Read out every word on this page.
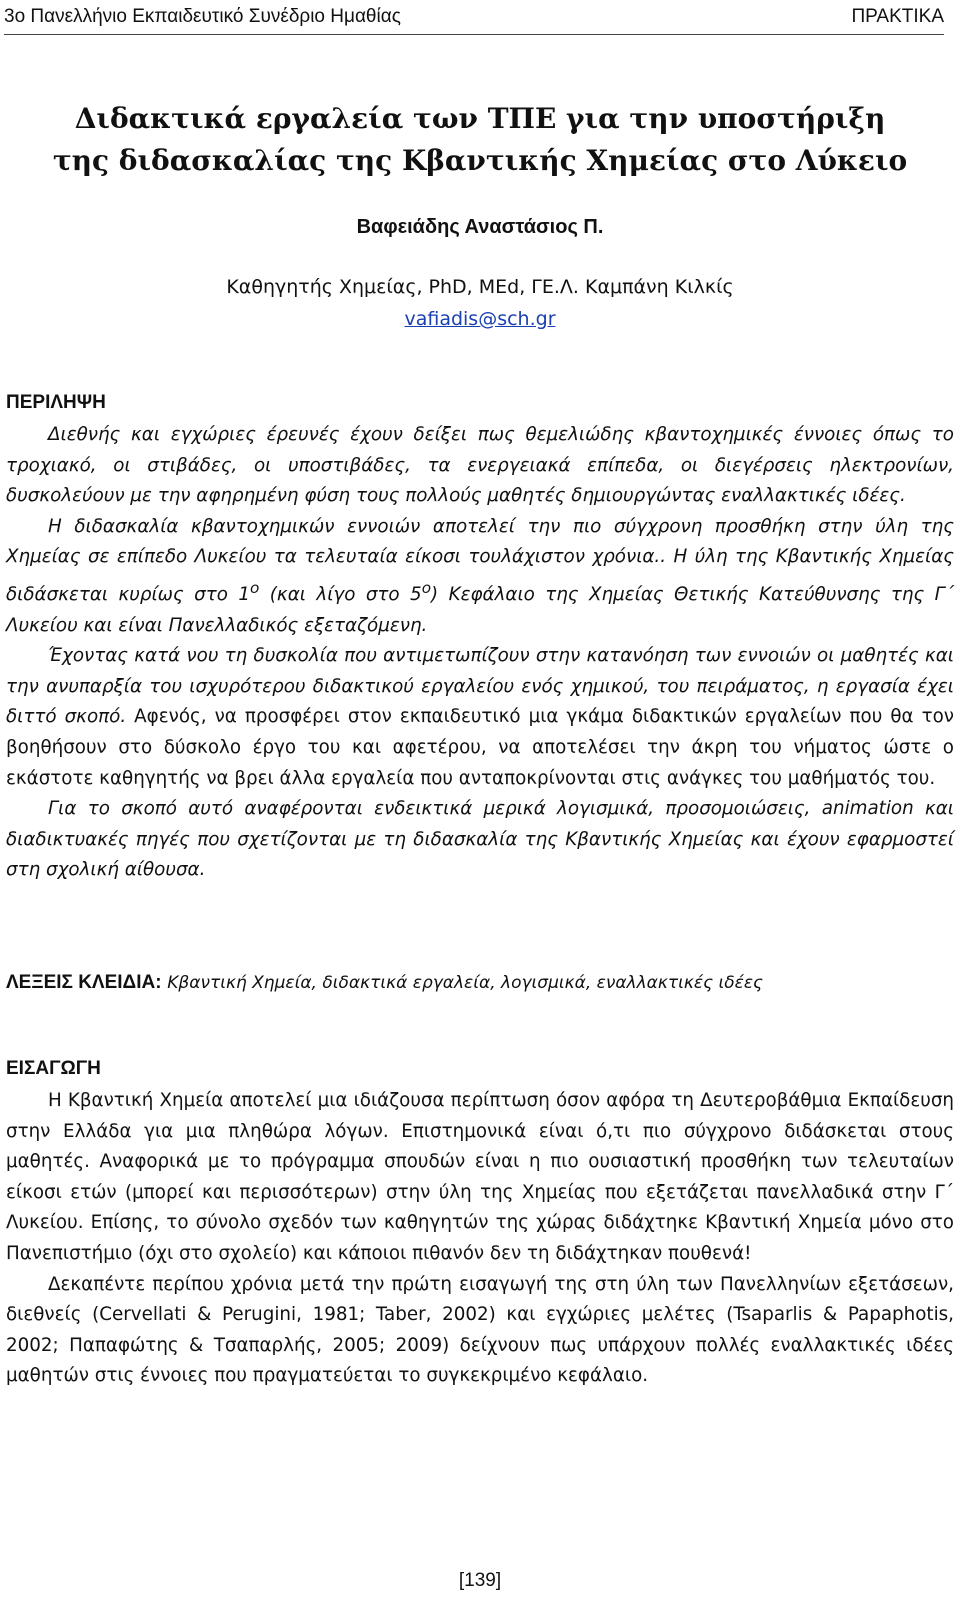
3ο Πανελλήνιο Εκπαιδευτικό Συνέδριο Ημαθίας	ΠΡΑΚΤΙΚΑ
Διδακτικά εργαλεία των ΤΠΕ για την υποστήριξη
της διδασκαλίας της Κβαντικής Χημείας στο Λύκειο
Βαφειάδης Αναστάσιος Π.
Καθηγητής Χημείας, PhD, MEd, ΓΕ.Λ. Καμπάνη Κιλκίς
vafiadis@sch.gr
ΠΕΡΙΛΗΨΗ

Διεθνής και εγχώριες έρευνές έχουν δείξει πως θεμελιώδης κβαντοχημικές έννοιες όπως το τροχιακό, οι στιβάδες, οι υποστιβάδες, τα ενεργειακά επίπεδα, οι διεγέρσεις ηλεκτρονίων, δυσκολεύουν με την αφηρημένη φύση τους πολλούς μαθητές δημιουργώντας εναλλακτικές ιδέες.

Η διδασκαλία κβαντοχημικών εννοιών αποτελεί την πιο σύγχρονη προσθήκη στην ύλη της Χημείας σε επίπεδο Λυκείου τα τελευταία είκοσι τουλάχιστον χρόνια.. Η ύλη της Κβαντικής Χημείας διδάσκεται κυρίως στο $1^o$ (και λίγο στο $5^o$) Κεφάλαιο της Χημείας Θετικής Κατεύθυνσης της Γ΄ Λυκείου και είναι Πανελλαδικός εξεταζόμενη.

Έχοντας κατά νου τη δυσκολία που αντιμετωπίζουν στην κατανόηση των εννοιών οι μαθητές και την ανυπαρξία του ισχυρότερου διδακτικού εργαλείου ενός χημικού, του πειράματος, η εργασία έχει διττό σκοπό. Αφενός, να προσφέρει στον εκπαιδευτικό μια γκάμα διδακτικών εργαλείων που θα τον βοηθήσουν στο δύσκολο έργο του και αφετέρου, να αποτελέσει την άκρη του νήματος ώστε ο εκάστοτε καθηγητής να βρει άλλα εργαλεία που ανταποκρίνονται στις ανάγκες του μαθήματός του.

Για το σκοπό αυτό αναφέρονται ενδεικτικά μερικά λογισμικά, προσομοιώσεις, animation και διαδικτυακές πηγές που σχετίζονται με τη διδασκαλία της Κβαντικής Χημείας και έχουν εφαρμοστεί στη σχολική αίθουσα.

ΛΕΞΕΙΣ ΚΛΕΙΔΙΑ: Κβαντική Χημεία, διδακτικά εργαλεία, λογισμικά, εναλλακτικές ιδέες
ΕΙΣΑΓΩΓΗ

Η Κβαντική Χημεία αποτελεί μια ιδιάζουσα περίπτωση όσον αφόρα τη Δευτεροβάθμια Εκπαίδευση στην Ελλάδα για μια πληθώρα λόγων. Επιστημονικά είναι ό,τι πιο σύγχρονο διδάσκεται στους μαθητές. Αναφορικά με το πρόγραμμα σπουδών είναι η πιο ουσιαστική προσθήκη των τελευταίων είκοσι ετών (μπορεί και περισσότερων) στην ύλη της Χημείας που εξετάζεται πανελλαδικά στην Γ΄ Λυκείου. Επίσης, το σύνολο σχεδόν των καθηγητών της χώρας διδάχτηκε Κβαντική Χημεία μόνο στο Πανεπιστήμιο (όχι στο σχολείο) και κάποιοι πιθανόν δεν τη διδάχτηκαν πουθενά!

Δεκαπέντε περίπου χρόνια μετά την πρώτη εισαγωγή της στη ύλη των Πανελληνίων εξετάσεων, διεθνείς (Cervellati & Perugini, 1981; Taber, 2002) και εγχώριες μελέτες (Tsaparlis & Papaphotis, 2002; Παπαφώτης & Τσαπαρλής, 2005; 2009) δείχνουν πως υπάρχουν πολλές εναλλακτικές ιδέες μαθητών στις έννοιες που πραγματεύεται το συγκεκριμένο κεφάλαιο.

[139]
